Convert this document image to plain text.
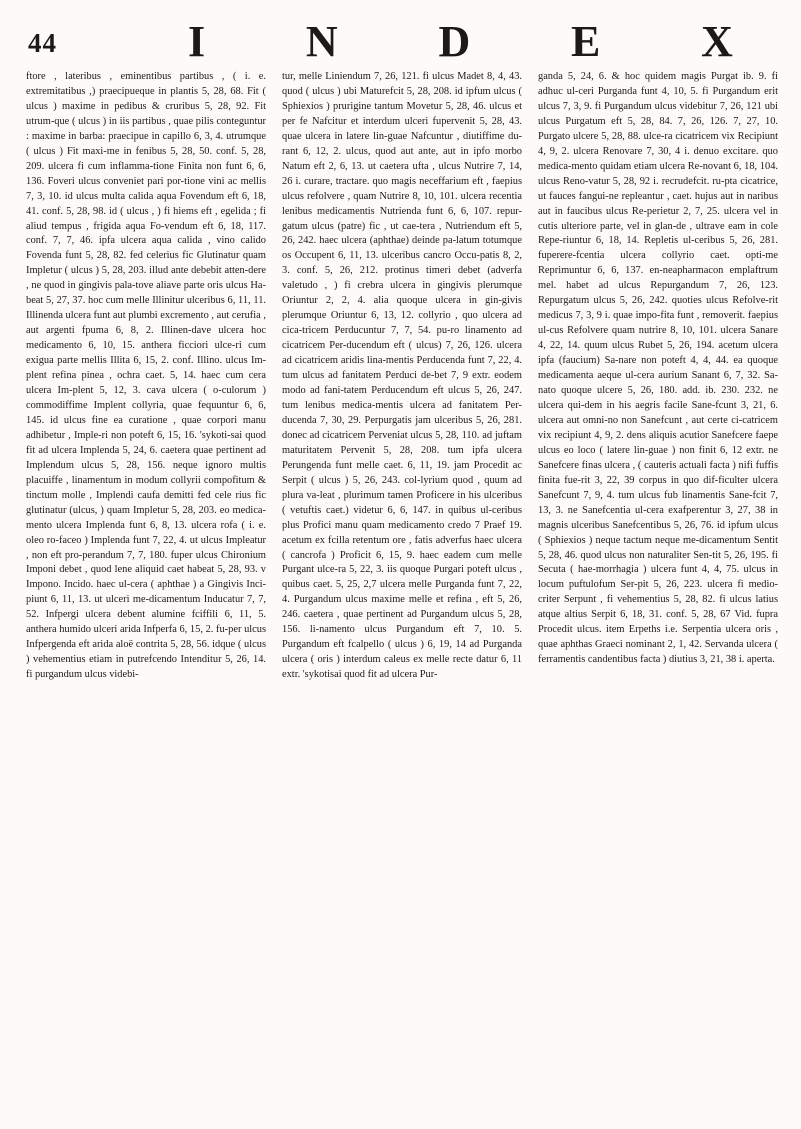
44	I N D E X

ftore , lateribus , eminentibus partibus , ( i. e. extremitatibus ,) praecipueque in plantis 5, 28, 68. Fit ( ulcus ) maxime in pedibus & cruribus 5, 28, 92. Fit utrum-que ( ulcus ) in iis partibus , quae pilis conteguntur : maxime in barba: praecipue in capillo 6, 3, 4. utrumque ( ulcus ) Fit maxi-me in fenibus 5, 28, 50. conf. 5, 28, 209. ulcera fi cum inflamma-tione Finita non funt 6, 6, 136. Foveri ulcus conveniet pari por-tione vini ac mellis 7, 3, 10. id ulcus multa calida aqua Fovendum eft 6, 18, 41. conf. 5, 28, 98. id ( ulcus , ) fi hiems eft , egelida ; fi aliud tempus , frigida aqua Fo-vendum eft 6, 18, 117. conf. 7, 7, 46. ipfa ulcera aqua calida , vino calido Fovenda funt 5, 28, 82. fed celerius fic Glutinatur quam Impletur ( ulcus ) 5, 28, 203. illud ante debebit atten-dere , ne quod in gingivis pala-tove aliave parte oris ulcus Ha-beat 5, 27, 37. hoc cum melle Illinitur ulceribus 6, 11, 11. Illinenda ulcera funt aut plumbi excremento , aut cerufia , aut argenti fpuma 6, 8, 2. Illinen-dave ulcera hoc medicamento 6, 10, 15. anthera ficciori ulce-ri cum exigua parte mellis Illita 6, 15, 2. conf. Illino. ulcus Im-plent refina pinea , ochra caet. 5, 14. haec cum cera ulcera Im-plent 5, 12, 3. cava ulcera ( o-culorum ) commodiffime Implent collyria, quae fequuntur 6, 6, 145. id ulcus fine ea curatione , quae corpori manu adhibetur , Imple-ri non poteft 6, 15, 16. 'sykoti-sai quod fit ad ulcera Implenda 5, 24, 6. caetera quae pertinent ad Implendum ulcus 5, 28, 156. neque ignoro multis placuiffe , linamentum in modum collyrii compofitum & tinctum molle , Implendi caufa demitti fed cele rius fic glutinatur (ulcus, ) quam Impletur 5, 28, 203. eo medica-mento ulcera Implenda funt 6, 8, 13. ulcera rofa ( i. e. oleo ro-faceo ) Implenda funt 7, 22, 4. ut ulcus Impleatur , non eft pro-perandum 7, 7, 180. fuper ulcus Chironium Imponi debet , quod lene aliquid caet habeat 5, 28, 93. v Impono. Incido. haec ul-cera ( aphthae ) a Gingivis Inci-piunt 6, 11, 13. ut ulceri me-dicamentum Inducatur 7, 7, 52. Infpergi ulcera debent alumine fciffili 6, 11, 5. anthera humido ulceri arida Infperfa 6, 15, 2. fu-per ulcus Infpergenda eft arida aloë contrita 5, 28, 56. idque ( ulcus ) vehementius etiam in putrefcendo Intenditur 5, 26, 14. fi purgandum ulcus videbi-

tur, melle Liniendum 7, 26, 121. fi ulcus Madet 8, 4, 43. quod ( ulcus ) ubi Maturefcit 5, 28, 208. id ipfum ulcus ( Sphiexios ) prurigine tantum Movetur 5, 28, 46. ulcus et per fe Nafcitur et interdum ulceri fupervenit 5, 28, 43. quae ulcera in latere lin-guae Nafcuntur , diutiffime du-rant 6, 12, 2. ulcus, quod aut ante, aut in ipfo morbo Natum eft 2, 6, 13. ut caetera ufta , ulcus Nutrire 7, 14, 26 i. curare, tractare. quo magis neceffarium eft , faepius ulcus refolvere , quam Nutrire 8, 10, 101. ulcera recentia lenibus medicamentis Nutrienda funt 6, 6, 107. repur-gatum ulcus (patre) fic , ut cae-tera , Nutriendum eft 5, 26, 242. haec ulcera (aphthae) deinde pa-latum totumque os Occupent 6, 11, 13. ulceribus cancro Occu-patis 8, 2, 3. conf. 5, 26, 212. protinus timeri debet (adverfa valetudo , ) fi crebra ulcera in gingivis plerumque Oriuntur 2, 2, 4. alia quoque ulcera in gin-givis plerumque Oriuntur 6, 13, 12. collyrio , quo ulcera ad cica-tricem Perducuntur 7, 7, 54. pu-ro linamento ad cicatricem Per-ducendum eft ( ulcus) 7, 26, 126. ulcera ad cicatricem aridis lina-mentis Perducenda funt 7, 22, 4. tum ulcus ad fanitatem Perduci de-bet 7, 9 extr. eodem modo ad fani-tatem Perducendum eft ulcus 5, 26, 247. tum lenibus medica-mentis ulcera ad fanitatem Per-ducenda 7, 30, 29. Perpurgatis jam ulceribus 5, 26, 281. donec ad cicatricem Perveniat ulcus 5, 28, 110. ad juftam maturitatem Pervenit 5, 28, 208. tum ipfa ulcera Perungenda funt melle caet. 6, 11, 19. jam Procedit ac Serpit ( ulcus ) 5, 26, 243. col-lyrium quod , quum ad plura va-leat , plurimum tamen Proficere in his ulceribus ( vetuftis caet.) videtur 6, 6, 147. in quibus ul-ceribus plus Profici manu quam medicamento credo 7 Praef 19. acetum ex fcilla retentum ore , fatis adverfus haec ulcera ( cancrofa ) Proficit 6, 15, 9. haec eadem cum melle Purgant ulce-ra 5, 22, 3. iis quoque Purgari poteft ulcus , quibus caet. 5, 25, 2,7 ulcera melle Purganda funt 7, 22, 4. Purgandum ulcus maxime melle et refina , eft 5, 26, 246. caetera , quae pertinent ad Purgandum ulcus 5, 28, 156. li-namento ulcus Purgandum eft 7, 10. 5. Purgandum eft fcalpello ( ulcus ) 6, 19, 14 ad Purganda ulcera ( oris ) interdum caleus ex melle recte datur 6, 11 extr. 'sykotisai quod fit ad ulcera Pur-

ganda 5, 24, 6. & hoc quidem magis Purgat ib. 9. fi adhuc ul-ceri Purganda funt 4, 10, 5. fi Purgandum erit ulcus 7, 3, 9. fi Purgandum ulcus videbitur 7, 26, 121 ubi ulcus Purgatum eft 5, 28, 84. 7, 26, 126. 7, 27, 10. Purgato ulcere 5, 28, 88. ulce-ra cicatricem vix Recipiunt 4, 9, 2. ulcera Renovare 7, 30, 4 i. denuo excitare. quo medica-mento quidam etiam ulcera Re-novant 6, 18, 104. ulcus Reno-vatur 5, 28, 92 i. recrudefcit. ru-pta cicatrice, ut fauces fangui-ne repleantur , caet. hujus aut in naribus aut in faucibus ulcus Re-perietur 2, 7, 25. ulcera vel in cutis ulteriore parte, vel in glan-de , ultrave eam in cole Repe-riuntur 6, 18, 14. Repletis ul-ceribus 5, 26, 281. fuperere-fcentia ulcera collyrio caet. opti-me Reprimuntur 6, 6, 137. en-neapharmacon emplaftrum mel. habet ad ulcus Repurgandum 7, 26, 123. Repurgatum ulcus 5, 26, 242. quoties ulcus Refolve-rit medicus 7, 3, 9 i. quae impo-fita funt , removerit. faepius ul-cus Refolvere quam nutrire 8, 10, 101. ulcera Sanare 4, 22, 14. quum ulcus Rubet 5, 26, 194. acetum ulcera ipfa (faucium) Sa-nare non poteft 4, 4, 44. ea quoque medicamenta aeque ul-cera aurium Sanant 6, 7, 32. Sa-nato quoque ulcere 5, 26, 180. add. ib. 230. 232. ne ulcera qui-dem in his aegris facile Sane-fcunt 3, 21, 6. ulcera aut omni-no non Sanefcunt , aut certe ci-catricem vix recipiunt 4, 9, 2. dens aliquis acutior Sanefcere faepe ulcus eo loco ( latere lin-guae ) non finit 6, 12 extr. ne Sanefcere finas ulcera , ( cauteris actuali facta ) nifi fuffis finita fue-rit 3, 22, 39 corpus in quo dif-ficulter ulcera Sanefcunt 7, 9, 4. tum ulcus fub linamentis Sane-fcit 7, 13, 3. ne Sanefcentia ul-cera exafperentur 3, 27, 38 in magnis ulceribus Sanefcentibus 5, 26, 76. id ipfum ulcus ( Sphiexios ) neque tactum neque me-dicamentum Sentit 5, 28, 46. quod ulcus non naturaliter Sen-tit 5, 26, 195. fi Secuta ( hae-morrhagia ) ulcera funt 4, 4, 75. ulcus in locum puftulofum Ser-pit 5, 26, 223. ulcera fi medio-criter Serpunt , fi vehementius 5, 28, 82. fi ulcus latius atque altius Serpit 6, 18, 31. conf. 5, 28, 67 Vid. fupra Procedit ulcus. item Erpeths i.e. Serpentia ulcera oris , quae aphthas Graeci nominant 2, 1, 42. Servanda ulcera ( ferramentis candentibus facta ) diutius 3, 21, 38 i. aperta.
